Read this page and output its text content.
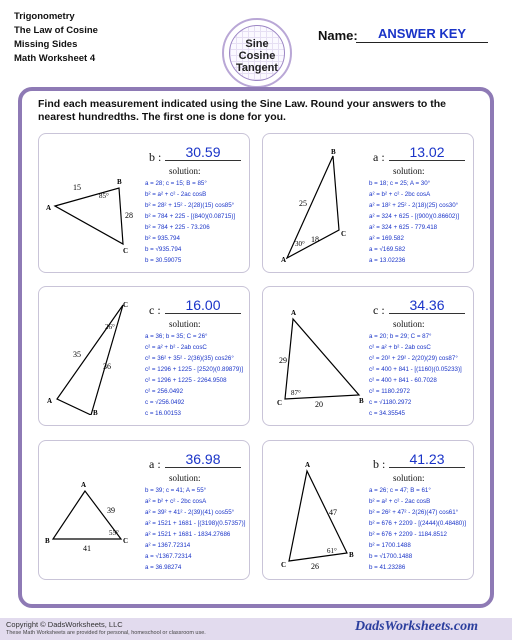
Trigonometry
The Law of Cosine
Missing Sides
Math Worksheet 4
Sine
Cosine
Tangent
Name:	ANSWER KEY
Find each measurement indicated using the Sine Law. Round your answers to the nearest hundredths. The first one is done for you.
A
B
C
15
28
85°
b :	30.59
solution:
a = 28; c = 15; B = 85°
b² = a² + c² - 2ac cosB
b² = 28² + 15² - 2(28)(15) cos85°
b² = 784 + 225 - [(840)(0.08715)]
b² = 784 + 225 - 73.206
b² = 935.794
b = √935.794
b = 30.59075
B
C
A
25
18
30°
a :	13.02
solution:
b = 18; c = 25; A = 30°
a² = b² + c² - 2bc cosA
a² = 18² + 25² - 2(18)(25) cos30°
a² = 324 + 625 - [(900)(0.86602)]
a² = 324 + 625 - 779.418
a² = 169.582
a = √169.582
a = 13.02236
C
A
B
35
36
26°
c :	16.00
solution:
a = 36; b = 35; C = 26°
c² = a² + b² - 2ab cosC
c² = 36² + 35² - 2(36)(35) cos26°
c² = 1296 + 1225 - [2520)(0.89879)]
c² = 1296 + 1225 - 2264.9508
c² = 256.0492
c = √256.0492
c = 16.00153
A
C	B
29
20
87°
c :	34.36
solution:
a = 20; b = 29; C = 87°
c² = a² + b² - 2ab cosC
c² = 20² + 29² - 2(20)(29) cos87°
c² = 400 + 841 - [(1160)(0.05233)]
c² = 400 + 841 - 60.7028
c² = 1180.2972
c = √1180.2972
c = 34.35545
A
B	C
39
41
55°
a :	36.98
solution:
b = 39; c = 41; A = 55°
a² = b² + c² - 2bc cosA
a² = 39² + 41² - 2(39)(41) cos55°
a² = 1521 + 1681 - [(3198)(0.57357)]
a² = 1521 + 1681 - 1834.27686
a² = 1367.72314
a = √1367.72314
a = 36.98274
A
C
B
47
26
61°
b :	41.23
solution:
a = 26; c = 47; B = 61°
b² = a² + c² - 2ac cosB
b² = 26² + 47² - 2(26)(47) cos61°
b² = 676 + 2209 - [(2444)(0.48480)]
b² = 676 + 2209 - 1184.8512
b² = 1700.1488
b = √1700.1488
b = 41.23286
Copyright © DadsWorksheets, LLC
These Math Worksheets are provided for personal, homeschool or classroom use.	DadsWorksheets.com
